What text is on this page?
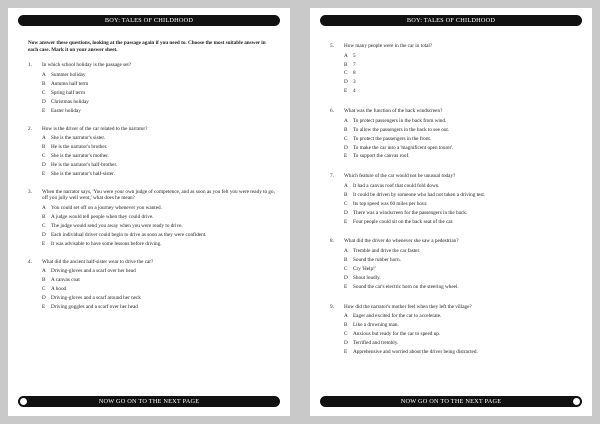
BOY: TALES OF CHILDHOOD

Now answer these questions, looking at the passage again if you need to. Choose the most suitable answer in each case. Mark it on your answer sheet.

1.	In which school holiday is the passage set?
A	Summer holiday
B	Autumn half term
C	Spring half term
D	Christmas holiday
E	Easter holiday
2.	How is the driver of the car related to the narrator?
A	She is the narrator's sister.
B	He is the narrator's brother.
C	She is the narrator's mother.
D	He is the narrator's half-brother.
E	She is the narrator's half-sister.
3.	When the narrator says, 'You were your own judge of competence, and as soon as you felt you were ready to go, off you jolly well went,' what does he mean?
A	You could set off on a journey whenever you wanted.
B	A judge would tell people when they could drive.
C	The judge would send you away when you were ready to drive.
D	Each individual driver could begin to drive as soon as they were confident.
E	It was advisable to have some lessons before driving.
4.	What did the ancient half-sister wear to drive the car?
A	Driving-gloves and a scarf over her head
B	A canvas coat
C	A hood
D	Driving-gloves and a scarf around her neck
E	Driving goggles and a scarf over her head
NOW GO ON TO THE NEXT PAGE
BOY: TALES OF CHILDHOOD
5.	How many people were in the car in total?
A	5
B	7
C	8
D	3
E	4
6.	What was the function of the back windscreen?
A	To protect passengers in the back from wind.
B	To allow the passengers in the back to see out.
C	To protect the passengers in the front.
D	To make the car into a 'magnificent open tourer'.
E	To support the canvas roof.
7.	Which feature of the car would not be unusual today?
A	It had a canvas roof that could fold down.
B	It could be driven by someone who had not taken a driving test.
C	Its top speed was 60 miles per hour.
D	There was a windscreen for the passengers in the back.
E	Four people could sit on the back seat of the car.
8.	What did the driver do whenever she saw a pedestrian?
A	Tremble and drive the car faster.
B	Sound the rubber horn.
C	Cry 'Help!'
D	Shout loudly.
E	Sound the car's electric horn on the steering wheel.
9.	How did the narrator's mother feel when they left the village?
A	Eager and excited for the car to accelerate.
B	Like a drowning man.
C	Anxious but ready for the car to speed up.
D	Terrified and trembly.
E	Apprehensive and worried about the driver being distracted.
NOW GO ON TO THE NEXT PAGE
